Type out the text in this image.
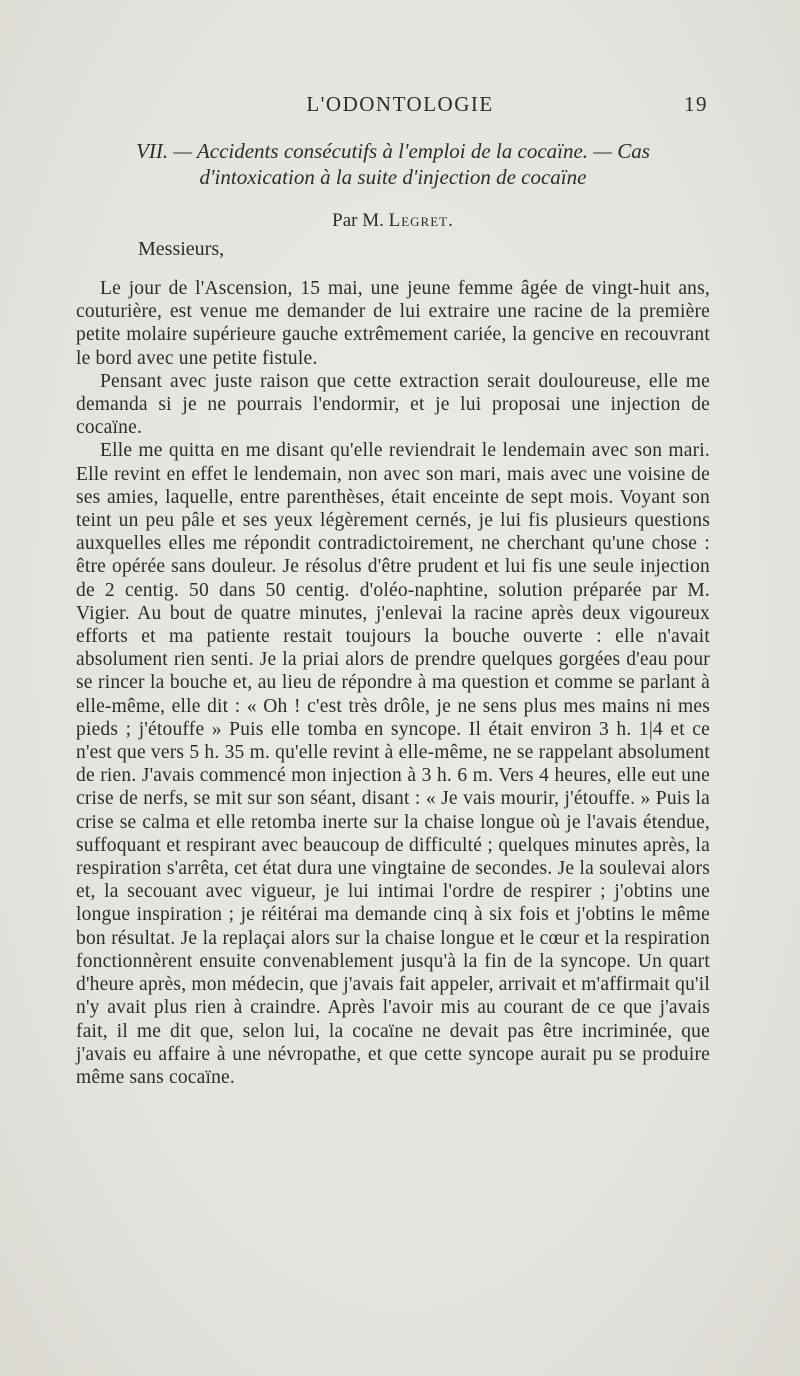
L'ODONTOLOGIE	19

VII. — Accidents consécutifs à l'emploi de la cocaïne. — Cas

d'intoxication à la suite d'injection de cocaïne

Par M. Legret.
Messieurs,

Le jour de l'Ascension, 15 mai, une jeune femme âgée de vingt-huit ans, couturière, est venue me demander de lui extraire une racine de la première petite molaire supérieure gauche extrêmement cariée, la gencive en recouvrant le bord avec une petite fistule.

Pensant avec juste raison que cette extraction serait douloureuse, elle me demanda si je ne pourrais l'endormir, et je lui proposai une injection de cocaïne.

Elle me quitta en me disant qu'elle reviendrait le lendemain avec son mari. Elle revint en effet le lendemain, non avec son mari, mais avec une voisine de ses amies, laquelle, entre parenthèses, était enceinte de sept mois. Voyant son teint un peu pâle et ses yeux légèrement cernés, je lui fis plusieurs questions auxquelles elles me répondit contradictoirement, ne cherchant qu'une chose : être opérée sans douleur. Je résolus d'être prudent et lui fis une seule injection de 2 centig. 50 dans 50 centig. d'oléo-naphtine, solution préparée par M. Vigier. Au bout de quatre minutes, j'enlevai la racine après deux vigoureux efforts et ma patiente restait toujours la bouche ouverte : elle n'avait absolument rien senti. Je la priai alors de prendre quelques gorgées d'eau pour se rincer la bouche et, au lieu de répondre à ma question et comme se parlant à elle-même, elle dit : « Oh ! c'est très drôle, je ne sens plus mes mains ni mes pieds ; j'étouffe » Puis elle tomba en syncope. Il était environ 3 h. 1|4 et ce n'est que vers 5 h. 35 m. qu'elle revint à elle-même, ne se rappelant absolument de rien. J'avais commencé mon injection à 3 h. 6 m. Vers 4 heures, elle eut une crise de nerfs, se mit sur son séant, disant : « Je vais mourir, j'étouffe. » Puis la crise se calma et elle retomba inerte sur la chaise longue où je l'avais étendue, suffoquant et respirant avec beaucoup de difficulté ; quelques minutes après, la respiration s'arrêta, cet état dura une vingtaine de secondes. Je la soulevai alors et, la secouant avec vigueur, je lui intimai l'ordre de respirer ; j'obtins une longue inspiration ; je réitérai ma demande cinq à six fois et j'obtins le même bon résultat. Je la replaçai alors sur la chaise longue et le cœur et la respiration fonctionnèrent ensuite convenablement jusqu'à la fin de la syncope. Un quart d'heure après, mon médecin, que j'avais fait appeler, arrivait et m'affirmait qu'il n'y avait plus rien à craindre. Après l'avoir mis au courant de ce que j'avais fait, il me dit que, selon lui, la cocaïne ne devait pas être incriminée, que j'avais eu affaire à une névropathe, et que cette syncope aurait pu se produire même sans cocaïne.
